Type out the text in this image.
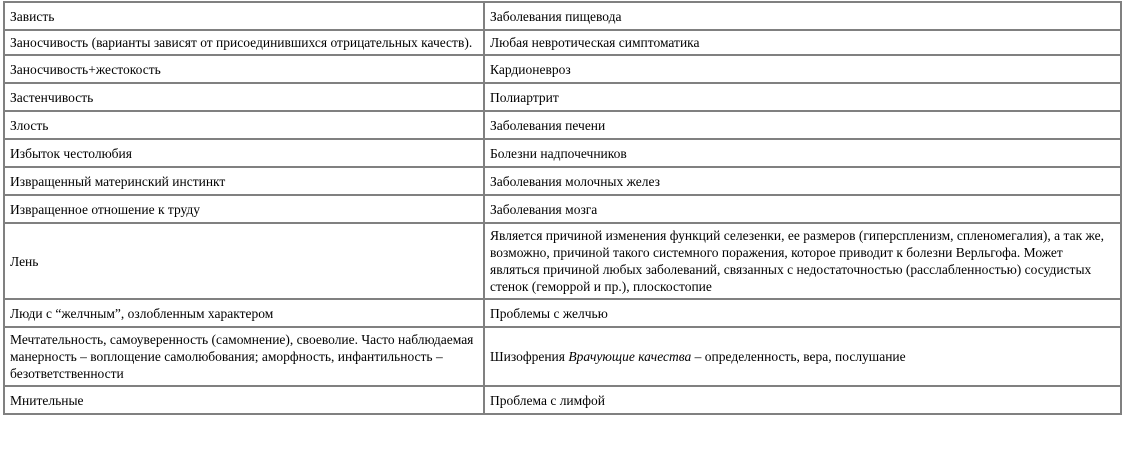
Зависть	Заболевания пищевода
Заносчивость (варианты зависят от присоединившихся отрицательных качеств).	Любая невротическая симптоматика
Заносчивость+жестокость	Кардионевроз
Застенчивость	Полиартрит
Злость	Заболевания печени
Избыток честолюбия	Болезни надпочечников
Извращенный материнский инстинкт	Заболевания молочных желез
Извращенное отношение к труду	Заболевания мозга
Лень	Является причиной изменения функций селезенки, ее размеров (гиперспленизм, спленомегалия), а так же, возможно, причиной такого системного поражения, которое приводит к болезни Верльгофа. Может являться причиной любых заболеваний, связанных с недостаточностью (расслабленностью) сосудистых стенок (геморрой и пр.), плоскостопие
Люди с “желчным”, озлобленным характером	Проблемы с желчью
Мечтательность, самоуверенность (самомнение), своеволие. Часто наблюдаемая манерность – воплощение самолюбования; аморфность, инфантильность – безответственности	Шизофрения Врачующие качества – определенность, вера, послушание
Мнительные	Проблема с лимфой
